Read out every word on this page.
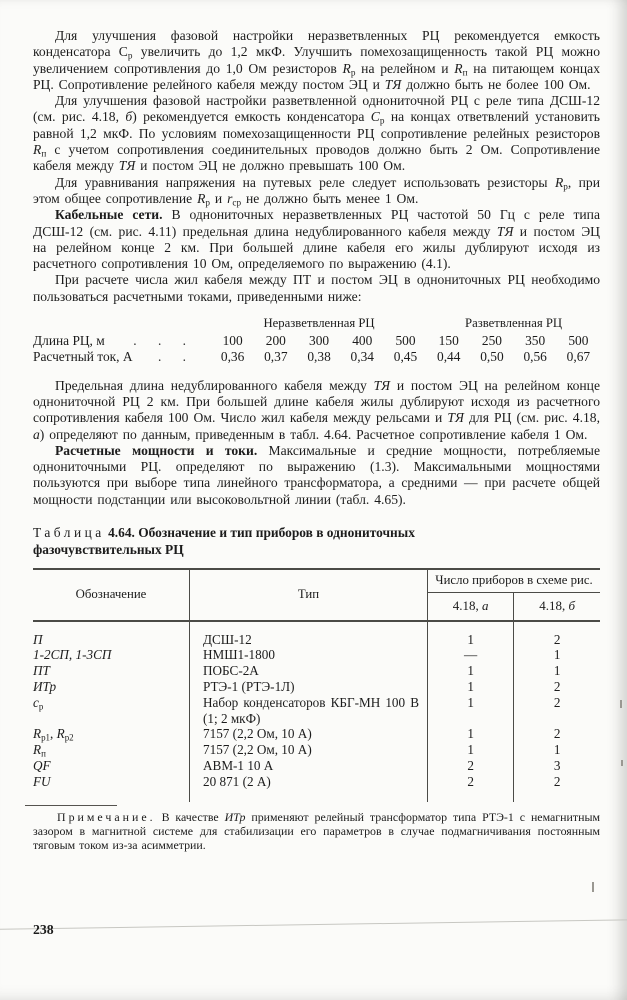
Для улучшения фазовой настройки неразветвленных РЦ рекомендуется емкость конденсатора $С_р$ увеличить до 1,2 мкФ. Улучшить помехозащищенность такой РЦ можно увеличением сопротивления до 1,0 Ом резисторов $R_р$ на релейном и $R_п$ на питающем концах РЦ. Сопротивление релейного кабеля между постом ЭЦ и ТЯ должно быть не более 100 Ом.

Для улучшения фазовой настройки разветвленной однониточной РЦ с реле типа ДСШ-12 (см. рис. 4.18, б) рекомендуется емкость конденсатора $С_р$ на концах ответвлений установить равной 1,2 мкФ. По условиям помехозащищенности РЦ сопротивление релейных резисторов $R_п$ с учетом сопротивления соединительных проводов должно быть 2 Ом. Сопротивление кабеля между ТЯ и постом ЭЦ не должно превышать 100 Ом.

Для уравнивания напряжения на путевых реле следует использовать резисторы $R_р$, при этом общее сопротивление $R_р$ и $r_{ср}$ не должно быть менее 1 Ом.

Кабельные сети. В однониточных неразветвленных РЦ частотой 50 Гц с реле типа ДСШ-12 (см. рис. 4.11) предельная длина недублированного кабеля между ТЯ и постом ЭЦ на релейном конце 2 км. При большей длине кабеля его жилы дублируют исходя из расчетного сопротивления 10 Ом, определяемого по выражению (4.1).

При расчете числа жил кабеля между ПТ и постом ЭЦ в однониточных РЦ необходимо пользоваться расчетными токами, приведенными ниже:

Неразветвленная РЦ	Разветвленная РЦ
Длина РЦ, м . . .	100	200	300	400	500	150	250	350	500
Расчетный ток, А . .	0,36	0,37	0,38	0,34	0,45	0,44	0,50	0,56	0,67

Предельная длина недублированного кабеля между ТЯ и постом ЭЦ на релейном конце однониточной РЦ 2 км. При большей длине кабеля жилы дублируют исходя из расчетного сопротивления кабеля 100 Ом. Число жил кабеля между рельсами и ТЯ для РЦ (см. рис. 4.18, а) определяют по данным, приведенным в табл. 4.64. Расчетное сопротивление кабеля 1 Ом.

Расчетные мощности и токи. Максимальные и средние мощности, потребляемые однониточными РЦ. определяют по выражению (1.3). Максимальными мощностями пользуются при выборе типа линейного трансформатора, а средними — при расчете общей мощности подстанции или высоковольтной линии (табл. 4.65).

Таблица 4.64. Обозначение и тип приборов в однониточных фазочувствительных РЦ

Обозначение	Тип	Число приборов в схеме рис.	
		4.18, а	4.18, б
П	ДСШ-12	1	2
1-2СП, 1-3СП	НМШ1-1800	—	1
ПТ	ПОБС-2А	1	1
ИТр	РТЭ-1 (РТЭ-1Л)	1	2
$с_р$	Набор конденсаторов КБГ-МН 100 В (1; 2 мкФ)	1	2
$R_{р1}$, $R_{р2}$	7157 (2,2 Ом, 10 А)	1	2
$R_п$	7157 (2,2 Ом, 10 А)	1	1
QF	АВМ-1 10 А	2	3
FU	20 871 (2 А)	2	2

Примечание. В качестве ИТр применяют релейный трансформатор типа РТЭ-1 с немагнитным зазором в магнитной системе для стабилизации его параметров в случае подмагничивания постоянным тяговым током из-за асимметрии.

238
